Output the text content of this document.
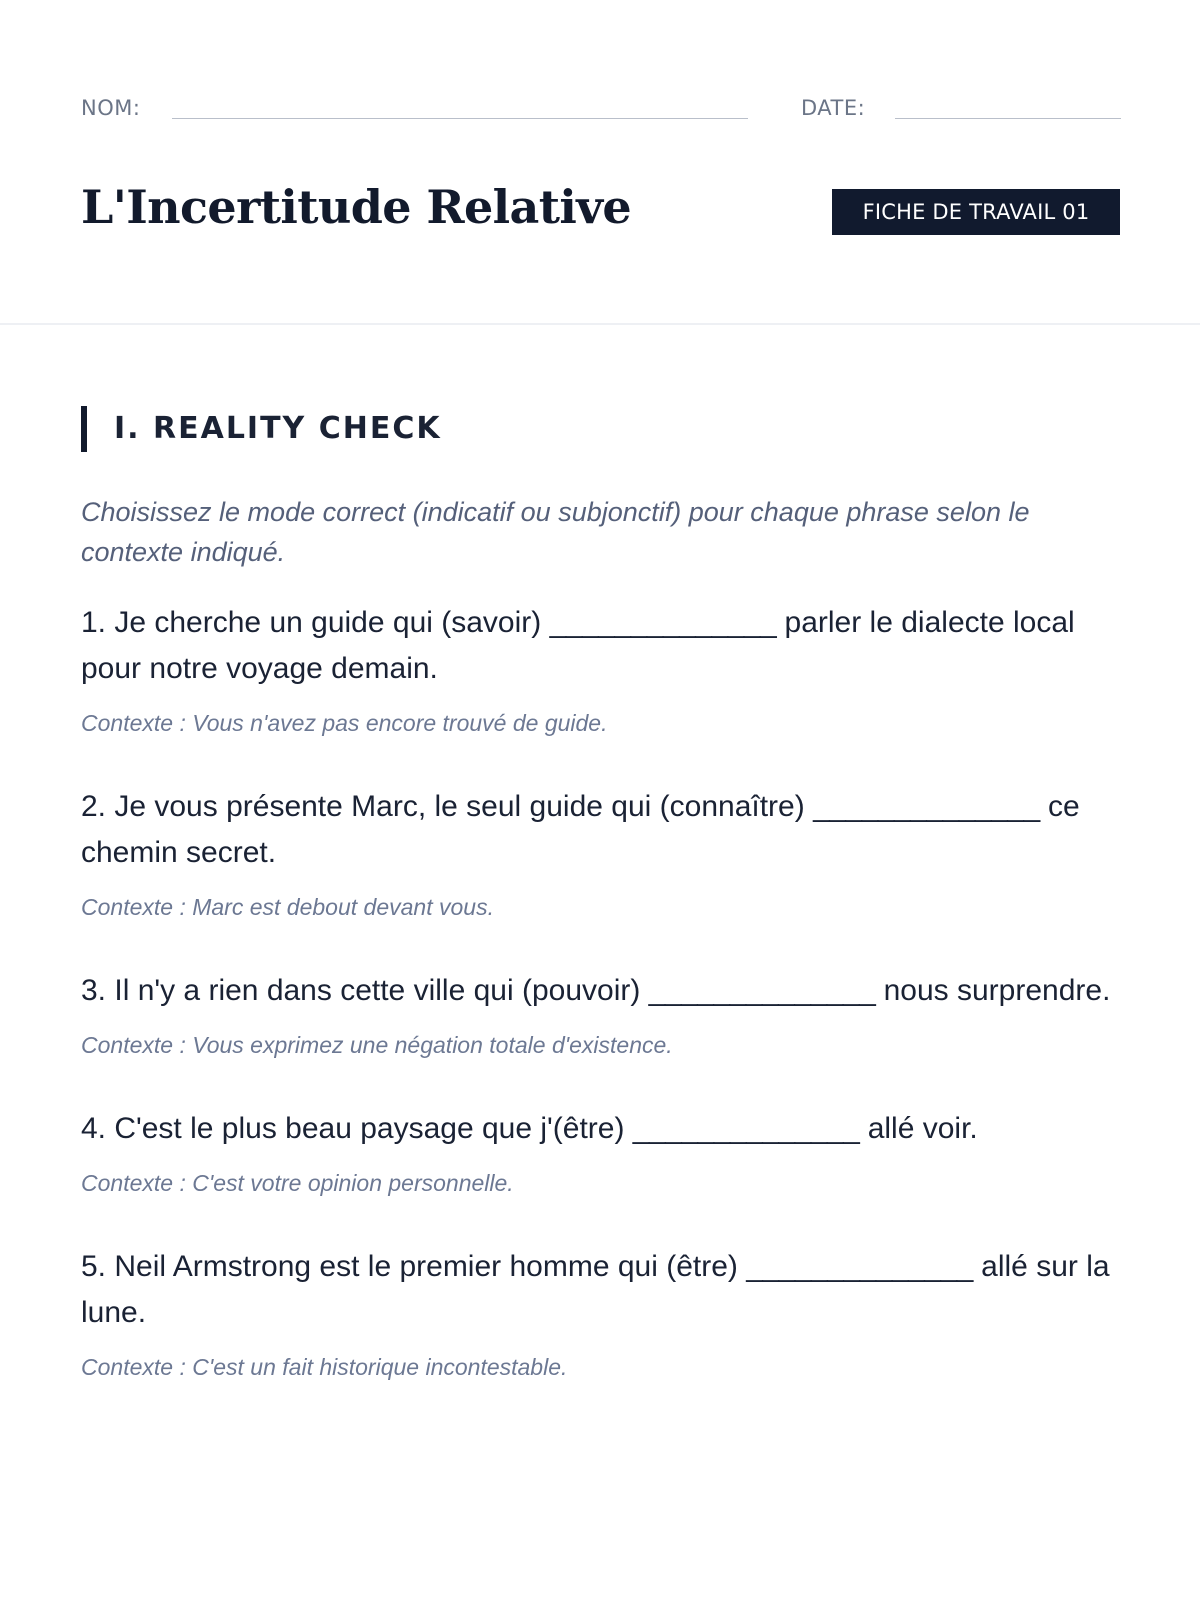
NOM:	DATE:
L'Incertitude Relative	FICHE DE TRAVAIL 01
I. REALITY CHECK

Choisissez le mode correct (indicatif ou subjonctif) pour chaque phrase selon le contexte indiqué.

1. Je cherche un guide qui (savoir) ______________ parler le dialecte local pour notre voyage demain.

Contexte : Vous n'avez pas encore trouvé de guide.

2. Je vous présente Marc, le seul guide qui (connaître) ______________ ce chemin secret.

Contexte : Marc est debout devant vous.

3. Il n'y a rien dans cette ville qui (pouvoir) ______________ nous surprendre.

Contexte : Vous exprimez une négation totale d'existence.

4. C'est le plus beau paysage que j'(être) ______________ allé voir.

Contexte : C'est votre opinion personnelle.

5. Neil Armstrong est le premier homme qui (être) ______________ allé sur la lune.

Contexte : C'est un fait historique incontestable.
